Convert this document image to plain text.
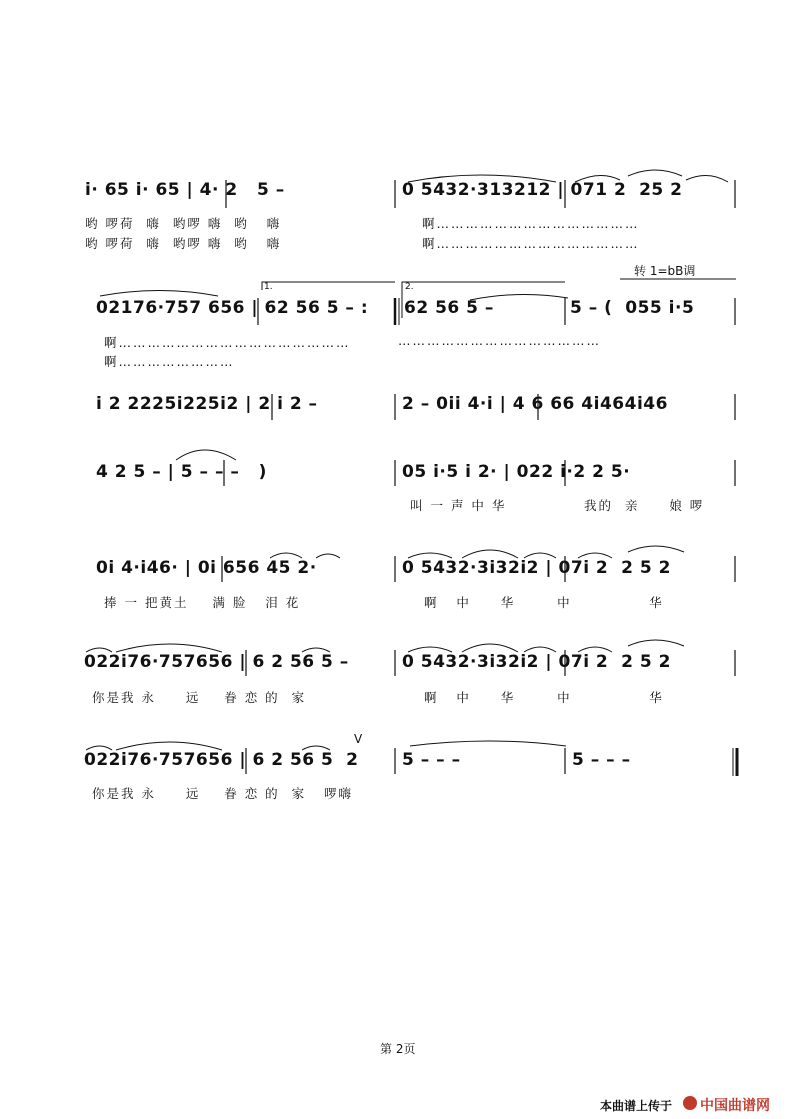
i· 65 i· 65 | 4· 2   5 –	0 5432·313212 | 071 2  25 2
哟 啰荷  嗨  哟啰 嗨  哟   嗨	啊……………………………………
哟 啰荷  嗨  哟啰 嗨  哟   嗨	啊……………………………………
转 1=bB调
1.	2.
02176·757 656 | 62 56 5 – : 62 56 5 –	5 – (  055 i·5
啊…………………………………………	……………………………………
啊……………………
i 2 2225i225i2 | 2 i 2 –	2 – 0ii 4·i | 4 6 66 4i464i46
4 2 5 – | 5 – – –   )	05 i·5 i 2· | 022 i·2 2 5·
叫 一 声 中 华	我的  亲     娘 啰
0i 4·i46· | 0i 656 45 2·	0 5432·3i32i2 | 07i 2  2 5 2
捧 一 把黄土    满 脸   泪 花	啊   中     华       中             华
022i76·757656 | 6 2 56 5 –	0 5432·3i32i2 | 07i 2  2 5 2
你是我 永     远    眷 恋 的  家	啊   中     华       中             华
V
022i76·757656 | 6 2 56 5  2	5 – – –	5 – – –
你是我 永     远    眷 恋 的  家   啰嗨
第 2页
本曲谱上传于 中国曲谱网
